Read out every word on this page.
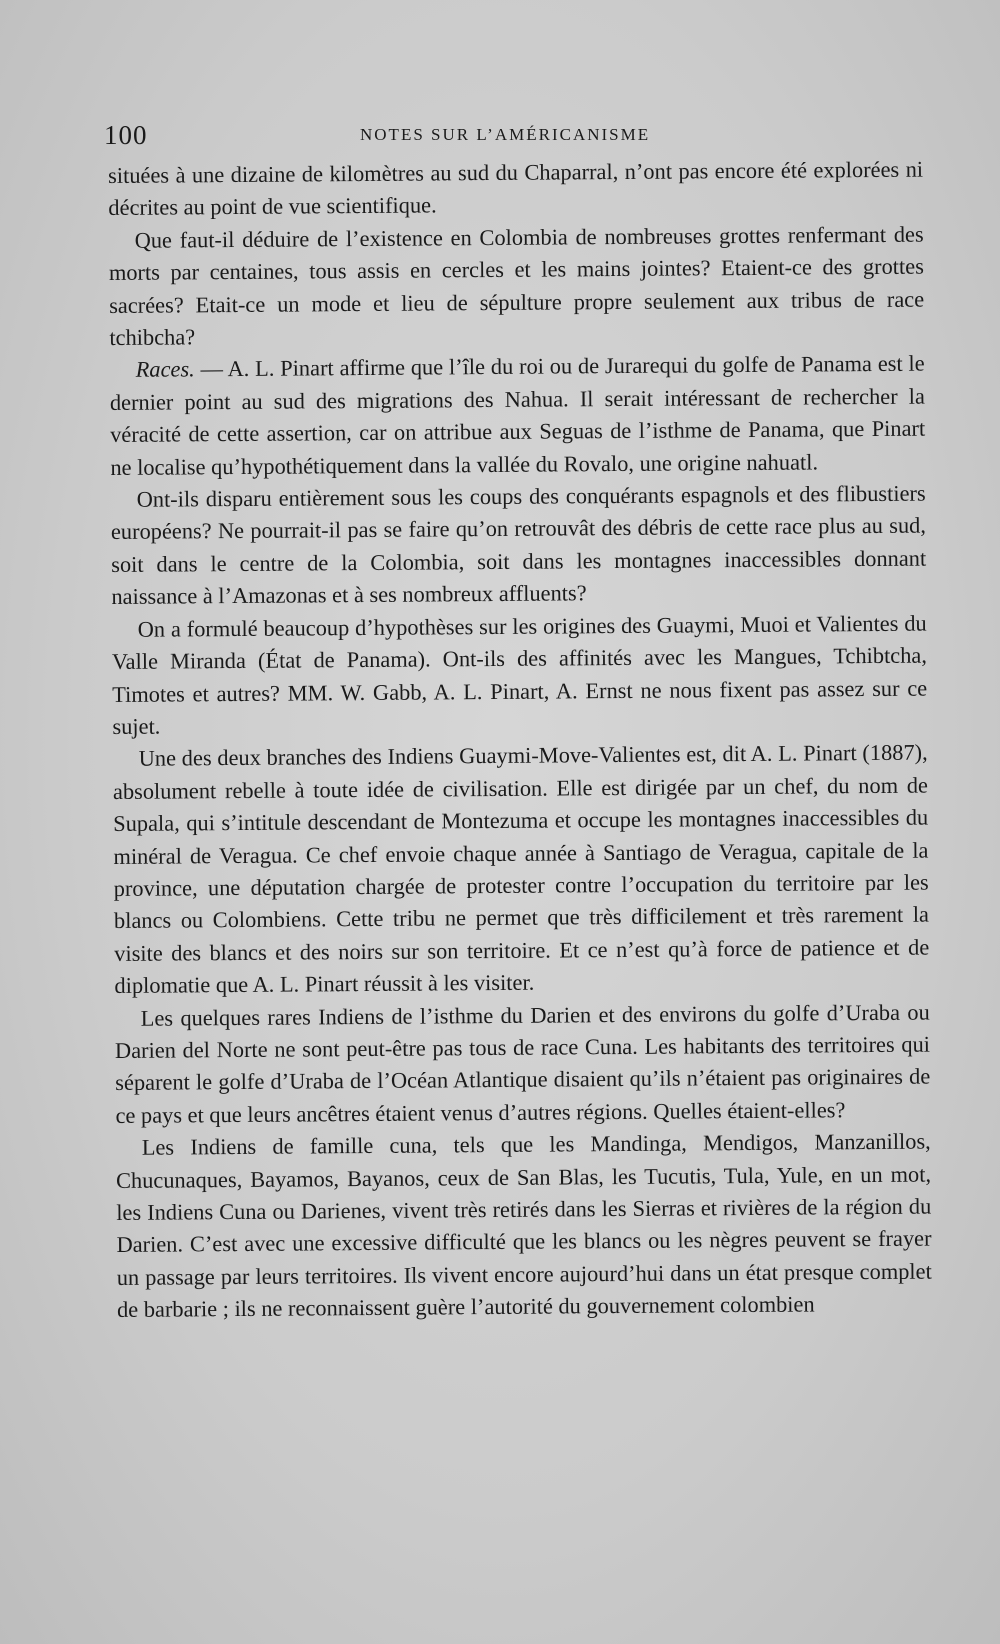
100	NOTES SUR L’AMÉRICANISME

situées à une dizaine de kilomètres au sud du Chaparral, n’ont pas encore été explorées ni décrites au point de vue scientifique.

Que faut-il déduire de l’existence en Colombia de nombreuses grottes renfermant des morts par centaines, tous assis en cercles et les mains jointes? Etaient-ce des grottes sacrées? Etait-ce un mode et lieu de sépulture propre seulement aux tribus de race tchibcha?

Races. — A. L. Pinart affirme que l’île du roi ou de Jurarequi du golfe de Panama est le dernier point au sud des migrations des Nahua. Il serait intéressant de rechercher la véracité de cette assertion, car on attribue aux Seguas de l’isthme de Panama, que Pinart ne localise qu’hypothétiquement dans la vallée du Rovalo, une origine nahuatl.

Ont-ils disparu entièrement sous les coups des conquérants espagnols et des flibustiers européens? Ne pourrait-il pas se faire qu’on retrouvât des débris de cette race plus au sud, soit dans le centre de la Colombia, soit dans les montagnes inaccessibles donnant naissance à l’Amazonas et à ses nombreux affluents?

On a formulé beaucoup d’hypothèses sur les origines des Guaymi, Muoi et Valientes du Valle Miranda (État de Panama). Ont-ils des affinités avec les Mangues, Tchibtcha, Timotes et autres? MM. W. Gabb, A. L. Pinart, A. Ernst ne nous fixent pas assez sur ce sujet.

Une des deux branches des Indiens Guaymi-Move-Valientes est, dit A. L. Pinart (1887), absolument rebelle à toute idée de civilisation. Elle est dirigée par un chef, du nom de Supala, qui s’intitule descendant de Montezuma et occupe les montagnes inaccessibles du minéral de Veragua. Ce chef envoie chaque année à Santiago de Veragua, capitale de la province, une députation chargée de protester contre l’occupation du territoire par les blancs ou Colombiens. Cette tribu ne permet que très difficilement et très rarement la visite des blancs et des noirs sur son territoire. Et ce n’est qu’à force de patience et de diplomatie que A. L. Pinart réussit à les visiter.

Les quelques rares Indiens de l’isthme du Darien et des environs du golfe d’Uraba ou Darien del Norte ne sont peut-être pas tous de race Cuna. Les habitants des territoires qui séparent le golfe d’Uraba de l’Océan Atlantique disaient qu’ils n’étaient pas originaires de ce pays et que leurs ancêtres étaient venus d’autres régions. Quelles étaient-elles?

Les Indiens de famille cuna, tels que les Mandinga, Mendigos, Manzanillos, Chucunaques, Bayamos, Bayanos, ceux de San Blas, les Tucutis, Tula, Yule, en un mot, les Indiens Cuna ou Darienes, vivent très retirés dans les Sierras et rivières de la région du Darien. C’est avec une excessive difficulté que les blancs ou les nègres peuvent se frayer un passage par leurs territoires. Ils vivent encore aujourd’hui dans un état presque complet de barbarie ; ils ne reconnaissent guère l’autorité du gouvernement colombien
